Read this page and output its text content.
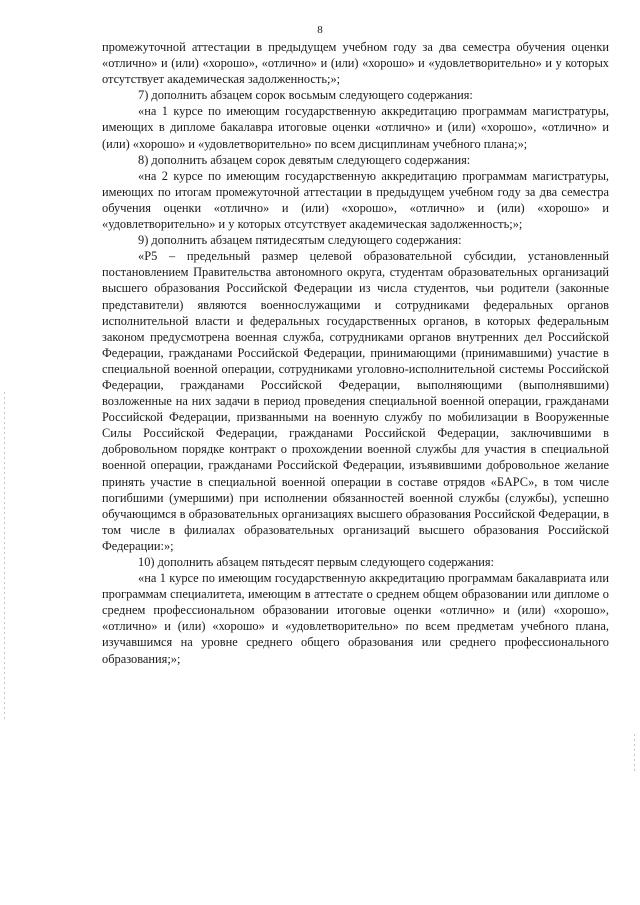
8

промежуточной аттестации в предыдущем учебном году за два семестра обучения оценки «отлично» и (или) «хорошо», «отлично» и (или) «хорошо» и «удовлетворительно» и у которых отсутствует академическая задолженность;»;

7) дополнить абзацем сорок восьмым следующего содержания:

«на 1 курсе по имеющим государственную аккредитацию программам магистратуры, имеющих в дипломе бакалавра итоговые оценки «отлично» и (или) «хорошо», «отлично» и (или) «хорошо» и «удовлетворительно» по всем дисциплинам учебного плана;»;

8) дополнить абзацем сорок девятым следующего содержания:

«на 2 курсе по имеющим государственную аккредитацию программам магистратуры, имеющих по итогам промежуточной аттестации в предыдущем учебном году за два семестра обучения оценки «отлично» и (или) «хорошо», «отлично» и (или) «хорошо» и «удовлетворительно» и у которых отсутствует академическая задолженность;»;

9) дополнить абзацем пятидесятым следующего содержания:

«P5 – предельный размер целевой образовательной субсидии, установленный постановлением Правительства автономного округа, студентам образовательных организаций высшего образования Российской Федерации из числа студентов, чьи родители (законные представители) являются военнослужащими и сотрудниками федеральных органов исполнительной власти и федеральных государственных органов, в которых федеральным законом предусмотрена военная служба, сотрудниками органов внутренних дел Российской Федерации, гражданами Российской Федерации, принимающими (принимавшими) участие в специальной военной операции, сотрудниками уголовно-исполнительной системы Российской Федерации, гражданами Российской Федерации, выполняющими (выполнявшими) возложенные на них задачи в период проведения специальной военной операции, гражданами Российской Федерации, призванными на военную службу по мобилизации в Вооруженные Силы Российской Федерации, гражданами Российской Федерации, заключившими в добровольном порядке контракт о прохождении военной службы для участия в специальной военной операции, гражданами Российской Федерации, изъявившими добровольное желание принять участие в специальной военной операции в составе отрядов «БАРС», в том числе погибшими (умершими) при исполнении обязанностей военной службы (службы), успешно обучающимся в образовательных организациях высшего образования Российской Федерации, в том числе в филиалах образовательных организаций высшего образования Российской Федерации:»;

10) дополнить абзацем пятьдесят первым следующего содержания:

«на 1 курсе по имеющим государственную аккредитацию программам бакалавриата или программам специалитета, имеющим в аттестате о среднем общем образовании или дипломе о среднем профессиональном образовании итоговые оценки «отлично» и (или) «хорошо», «отлично» и (или) «хорошо» и «удовлетворительно» по всем предметам учебного плана, изучавшимся на уровне среднего общего образования или среднего профессионального образования;»;
